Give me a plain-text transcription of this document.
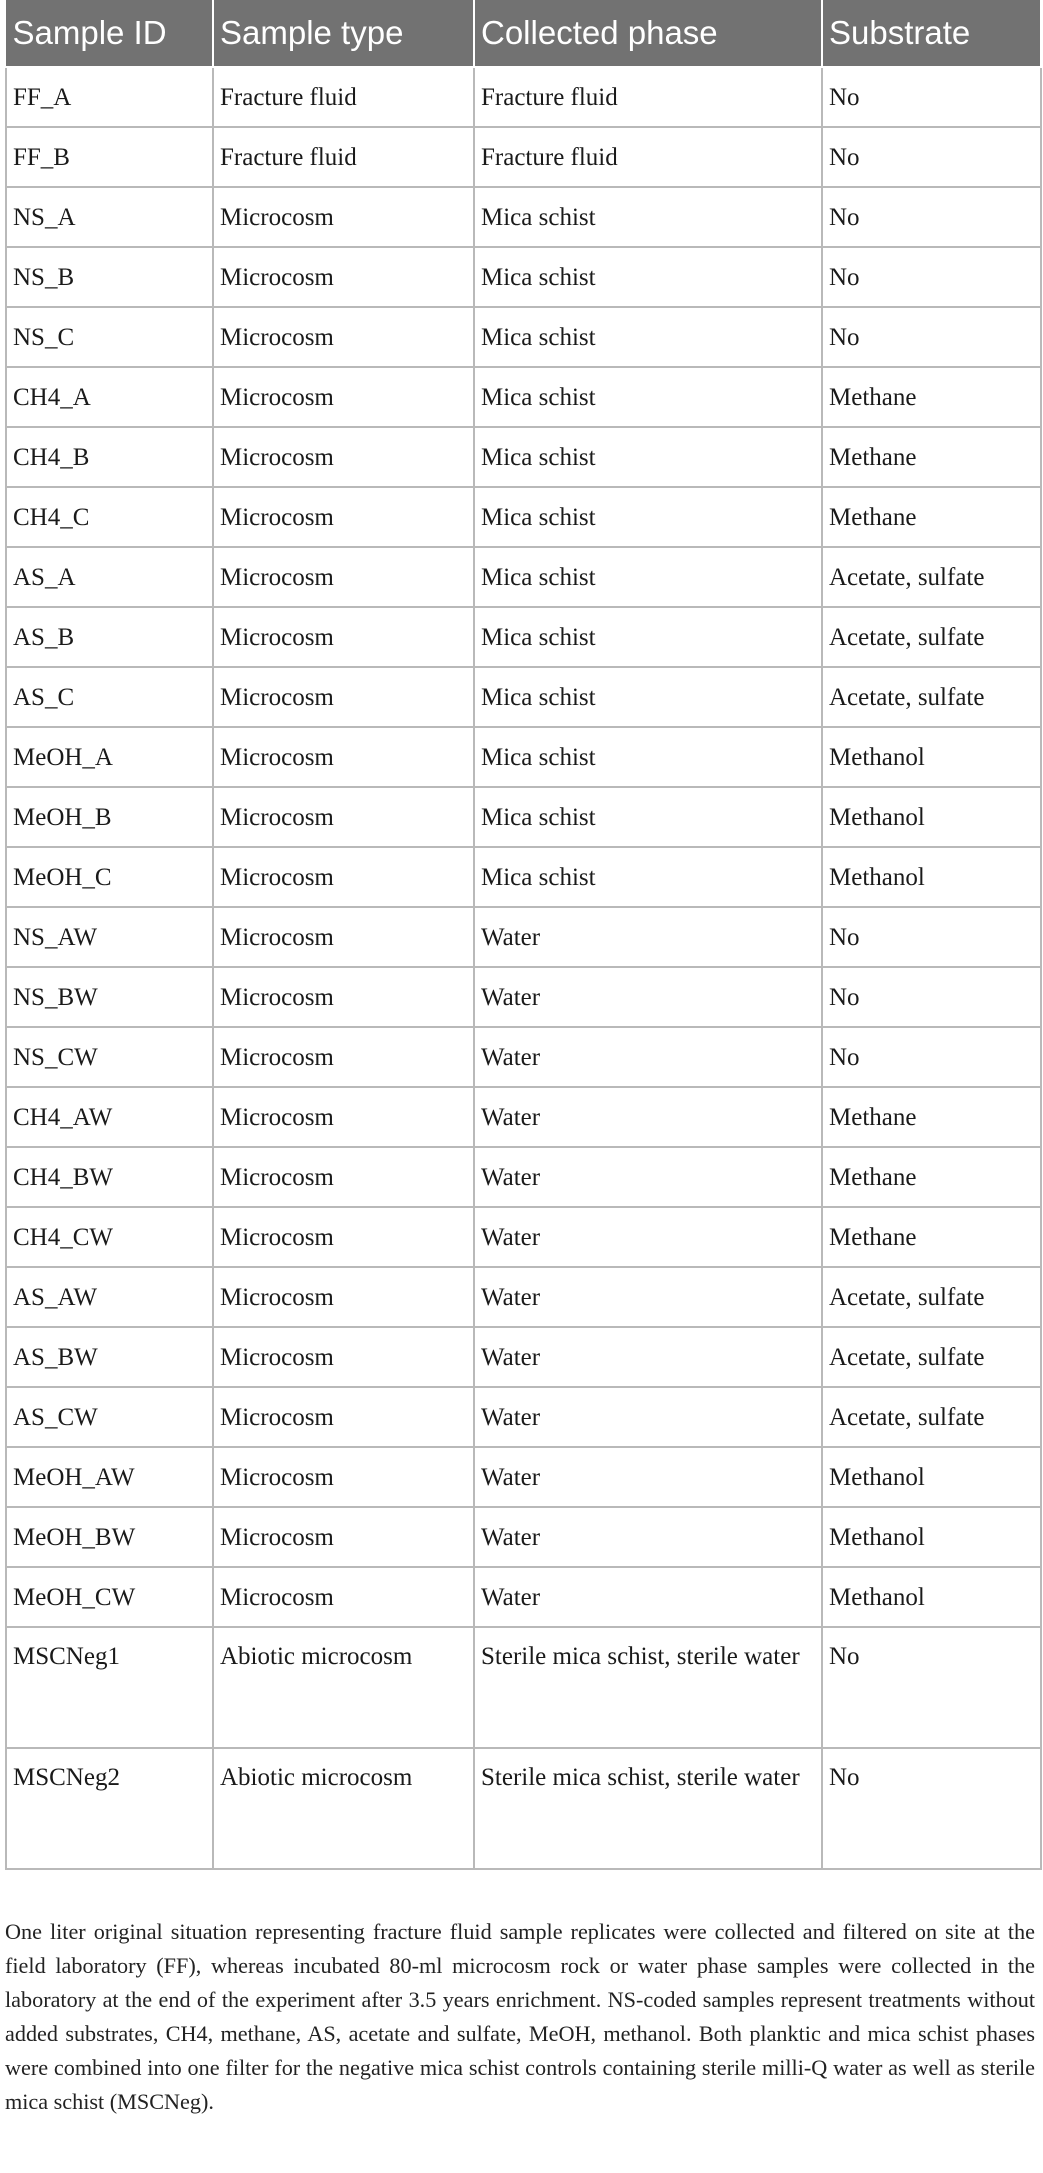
Sample ID	Sample type	Collected phase	Substrate
FF_A	Fracture fluid	Fracture fluid	No
FF_B	Fracture fluid	Fracture fluid	No
NS_A	Microcosm	Mica schist	No
NS_B	Microcosm	Mica schist	No
NS_C	Microcosm	Mica schist	No
CH4_A	Microcosm	Mica schist	Methane
CH4_B	Microcosm	Mica schist	Methane
CH4_C	Microcosm	Mica schist	Methane
AS_A	Microcosm	Mica schist	Acetate, sulfate
AS_B	Microcosm	Mica schist	Acetate, sulfate
AS_C	Microcosm	Mica schist	Acetate, sulfate
MeOH_A	Microcosm	Mica schist	Methanol
MeOH_B	Microcosm	Mica schist	Methanol
MeOH_C	Microcosm	Mica schist	Methanol
NS_AW	Microcosm	Water	No
NS_BW	Microcosm	Water	No
NS_CW	Microcosm	Water	No
CH4_AW	Microcosm	Water	Methane
CH4_BW	Microcosm	Water	Methane
CH4_CW	Microcosm	Water	Methane
AS_AW	Microcosm	Water	Acetate, sulfate
AS_BW	Microcosm	Water	Acetate, sulfate
AS_CW	Microcosm	Water	Acetate, sulfate
MeOH_AW	Microcosm	Water	Methanol
MeOH_BW	Microcosm	Water	Methanol
MeOH_CW	Microcosm	Water	Methanol
MSCNeg1	Abiotic microcosm	Sterile mica schist, sterile water	No
MSCNeg2	Abiotic microcosm	Sterile mica schist, sterile water	No

One liter original situation representing fracture fluid sample replicates were collected and filtered on site at the field laboratory (FF), whereas incubated 80-ml microcosm rock or water phase samples were collected in the laboratory at the end of the experiment after 3.5 years enrichment. NS-coded samples represent treatments without added substrates, CH4, methane, AS, acetate and sulfate, MeOH, methanol. Both planktic and mica schist phases were combined into one filter for the negative mica schist controls containing sterile milli-Q water as well as sterile mica schist (MSCNeg).
